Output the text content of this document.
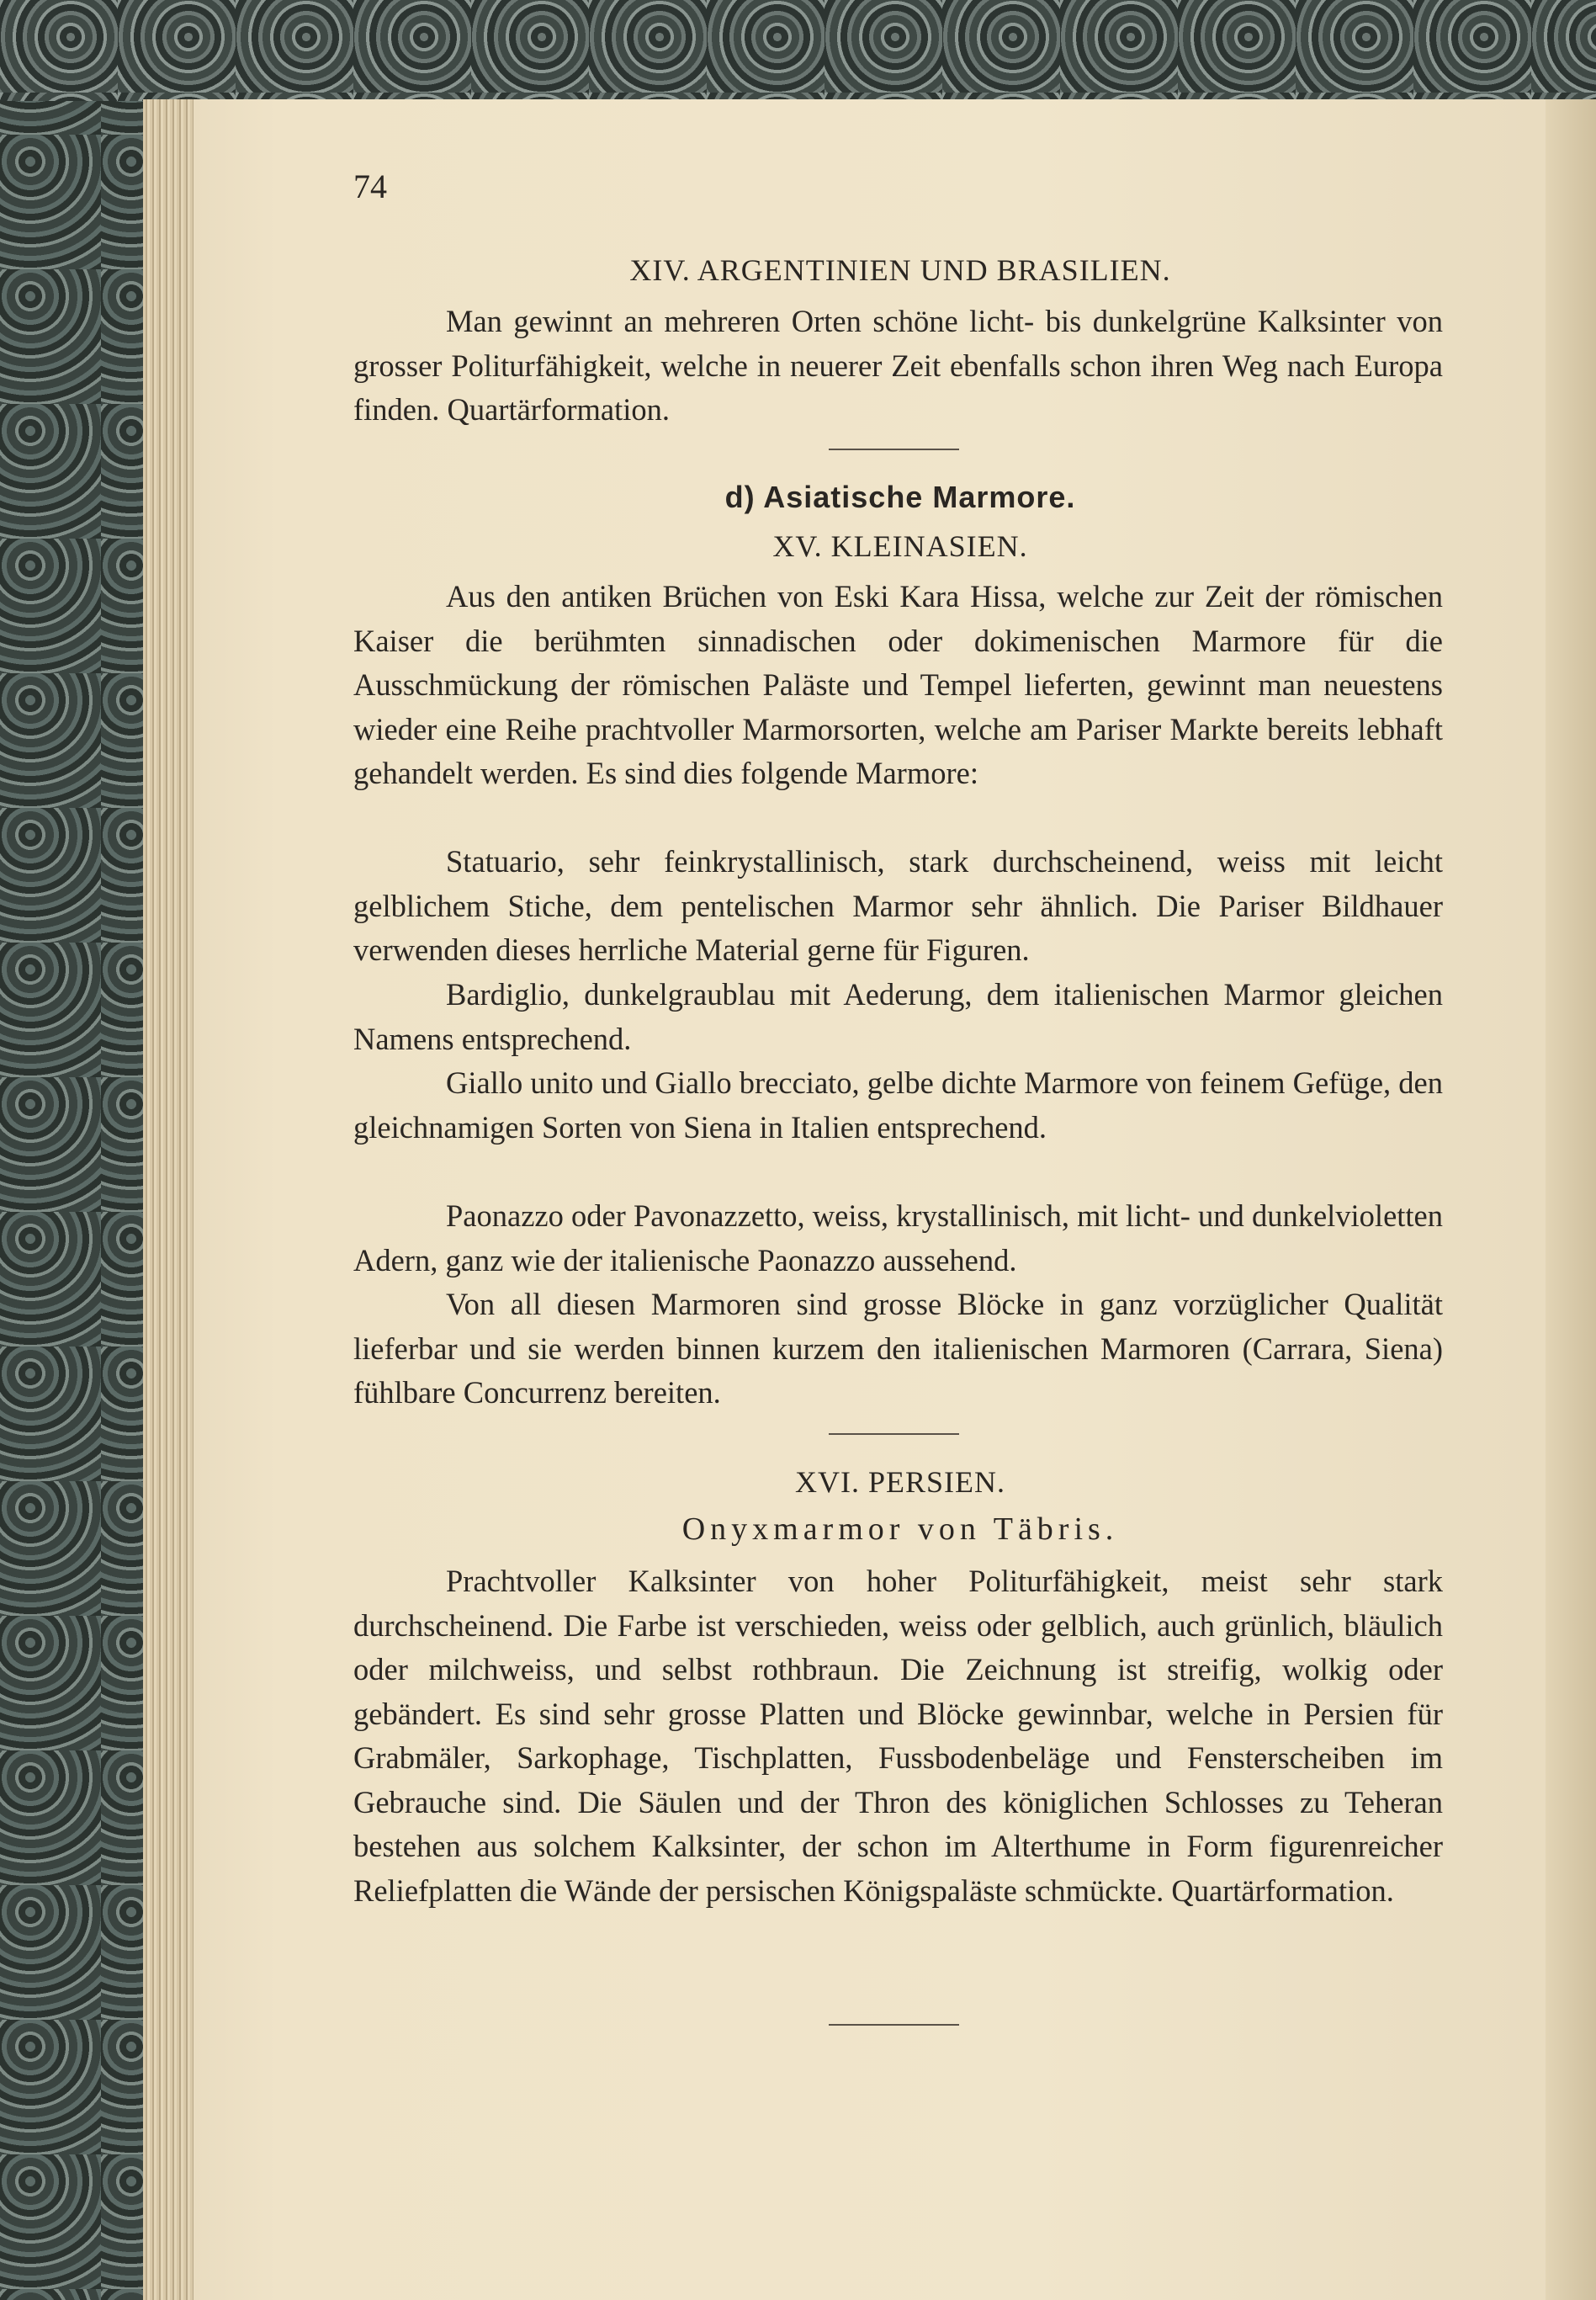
74
XIV. ARGENTINIEN UND BRASILIEN.
Man gewinnt an mehreren Orten schöne licht- bis dunkelgrüne Kalksinter von grosser Politurfähigkeit, welche in neuerer Zeit ebenfalls schon ihren Weg nach Europa finden. Quartärformation.
d) Asiatische Marmore.
XV. KLEINASIEN.
Aus den antiken Brüchen von Eski Kara Hissa, welche zur Zeit der römischen Kaiser die berühmten sinnadischen oder dokimenischen Marmore für die Ausschmückung der römischen Paläste und Tempel lieferten, gewinnt man neuestens wieder eine Reihe prachtvoller Marmorsorten, welche am Pariser Markte bereits lebhaft gehandelt werden. Es sind dies folgende Marmore:
Statuario, sehr feinkrystallinisch, stark durchscheinend, weiss mit leicht gelblichem Stiche, dem pentelischen Marmor sehr ähnlich. Die Pariser Bildhauer verwenden dieses herrliche Material gerne für Figuren.
Bardiglio, dunkelgraublau mit Aederung, dem italienischen Marmor gleichen Namens entsprechend.
Giallo unito und Giallo brecciato, gelbe dichte Marmore von feinem Gefüge, den gleichnamigen Sorten von Siena in Italien entsprechend.
Paonazzo oder Pavonazzetto, weiss, krystallinisch, mit licht- und dunkelvioletten Adern, ganz wie der italienische Paonazzo aussehend.
Von all diesen Marmoren sind grosse Blöcke in ganz vorzüglicher Qualität lieferbar und sie werden binnen kurzem den italienischen Marmoren (Carrara, Siena) fühlbare Concurrenz bereiten.
XVI. PERSIEN.
Onyxmarmor von Täbris.
Prachtvoller Kalksinter von hoher Politurfähigkeit, meist sehr stark durchscheinend. Die Farbe ist verschieden, weiss oder gelblich, auch grünlich, bläulich oder milchweiss, und selbst rothbraun. Die Zeichnung ist streifig, wolkig oder gebändert. Es sind sehr grosse Platten und Blöcke gewinnbar, welche in Persien für Grabmäler, Sarkophage, Tischplatten, Fussbodenbeläge und Fensterscheiben im Gebrauche sind. Die Säulen und der Thron des königlichen Schlosses zu Teheran bestehen aus solchem Kalksinter, der schon im Alterthume in Form figurenreicher Reliefplatten die Wände der persischen Königspaläste schmückte. Quartärformation.
